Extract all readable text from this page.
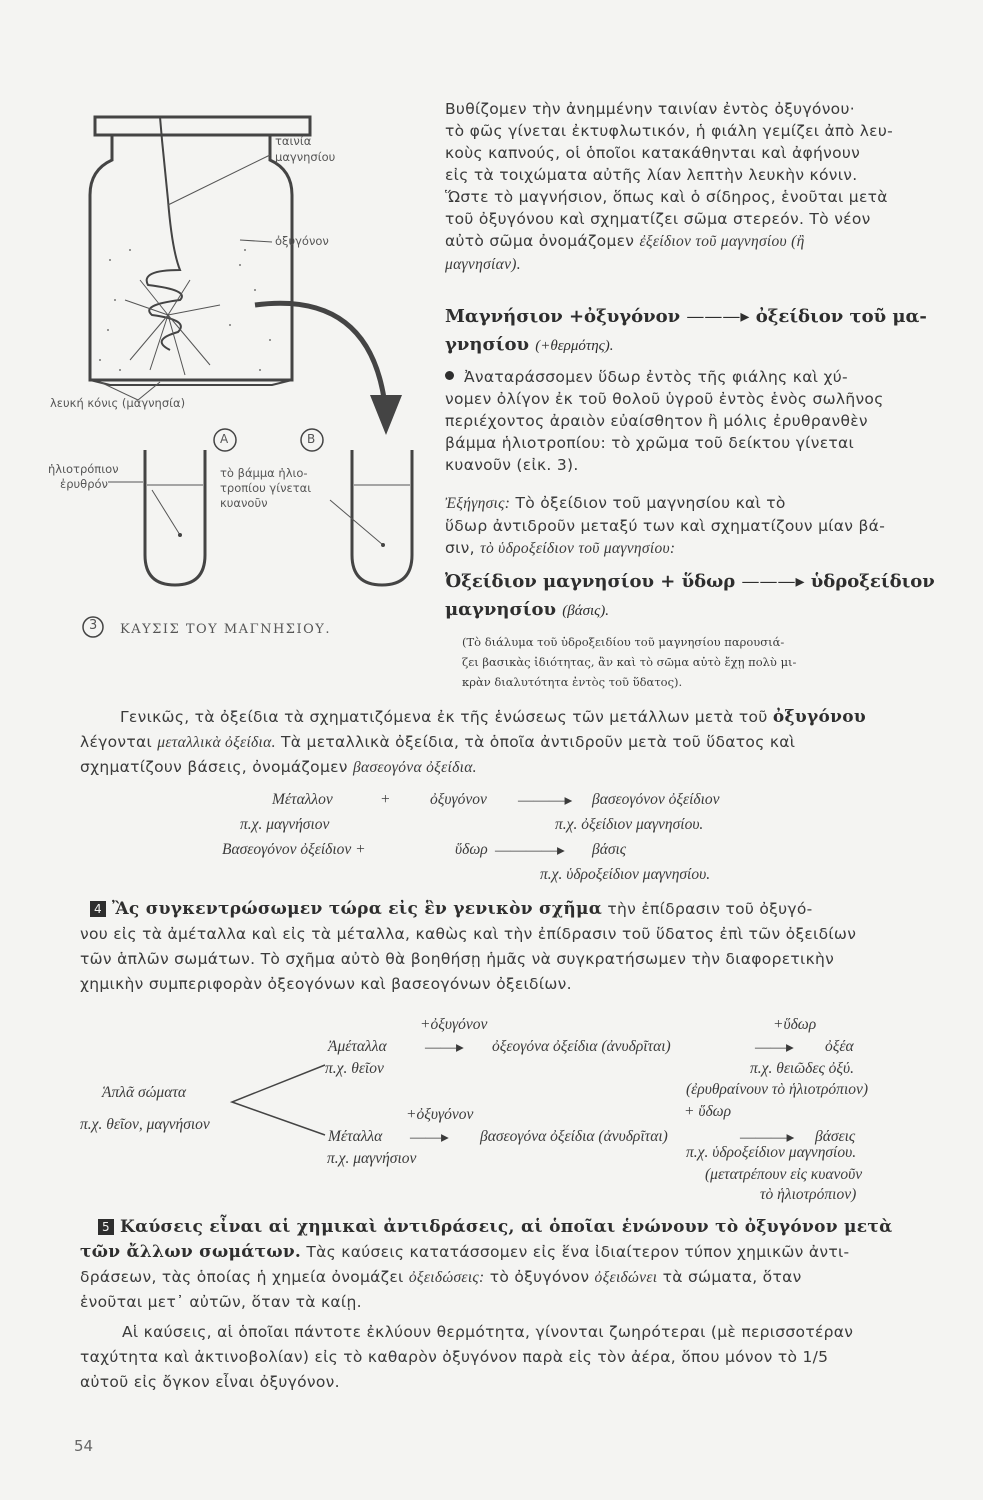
ταινία
μαγνησίου
ὀξυγόνον
λευκή κόνις (μαγνησία)
ἡλιοτρόπιον
ἐρυθρόν
τὸ βάμμα ἡλιο-
τροπίου γίνεται
κυανοῦν
A	B
3 ΚΑΥΣΙΣ ΤΟΥ ΜΑΓΝΗΣΙΟΥ.

Βυθίζομεν τὴν ἀνημμένην ταινίαν ἐντὸς ὀξυγόνου·
τὸ φῶς γίνεται ἐκτυφλωτικόν, ἡ φιάλη γεμίζει ἀπὸ λευ-
κοὺς καπνούς, οἱ ὁποῖοι κατακάθηνται καὶ ἀφήνουν
εἰς τὰ τοιχώματα αὐτῆς λίαν λεπτὴν λευκὴν κόνιν.
Ὥστε τὸ μαγνήσιον, ὅπως καὶ ὁ σίδηρος, ἑνοῦται μετὰ
τοῦ ὀξυγόνου καὶ σχηματίζει σῶμα στερεόν. Τὸ νέον
αὐτὸ σῶμα ὀνομάζομεν ἐξείδιον τοῦ μαγνησίου (ἢ
μαγνησίαν).

Μαγνήσιον +ὀξυγόνον ———▸ ὀξείδιον τοῦ μα-
γνησίου (+θερμότης).

Ἀναταράσσομεν ὕδωρ ἐντὸς τῆς φιάλης καὶ χύ-
νομεν ὀλίγον ἐκ τοῦ θολοῦ ὑγροῦ ἐντὸς ἑνὸς σωλῆνος
περιέχοντος ἀραιὸν εὐαίσθητον ἢ μόλις ἐρυθρανθὲν
βάμμα ἡλιοτροπίου: τὸ χρῶμα τοῦ δείκτου γίνεται
κυανοῦν (εἰκ. 3).

Ἐξήγησις: Τὸ ὀξείδιον τοῦ μαγνησίου καὶ τὸ
ὕδωρ ἀντιδροῦν μεταξύ των καὶ σχηματίζουν μίαν βά-
σιν, τὸ ὑδροξείδιον τοῦ μαγνησίου:

Ὀξείδιον μαγνησίου + ὕδωρ ———▸ ὑδροξείδιον
μαγνησίου (βάσις).

(Τὸ διάλυμα τοῦ ὑδροξειδίου τοῦ μαγνησίου παρουσιά-
ζει βασικὰς ἰδιότητας, ἂν καὶ τὸ σῶμα αὐτὸ ἔχῃ πολὺ μι-
κρὰν διαλυτότητα ἐντὸς τοῦ ὕδατος).

Γενικῶς, τὰ ὀξείδια τὰ σχηματιζόμενα ἐκ τῆς ἑνώσεως τῶν μετάλλων μετὰ τοῦ ὀξυγόνου
λέγονται μεταλλικὰ ὀξείδια. Τὰ μεταλλικὰ ὀξείδια, τὰ ὁποῖα ἀντιδροῦν μετὰ τοῦ ὕδατος καὶ
σχηματίζουν βάσεις, ὀνομάζομεν βασεογόνα ὀξείδια.

Μέταλλον	+	ὀξυγόνον ———▸ βασεογόνον ὀξείδιον
π.χ. μαγνήσιον	π.χ. ὀξείδιον μαγνησίου.
Βασεογόνον ὀξείδιον +	ὕδωρ ————▸ βάσις
π.χ. ὑδροξείδιον μαγνησίου.

4 Ἂς συγκεντρώσωμεν τώρα εἰς ἓν γενικὸν σχῆμα τὴν ἐπίδρασιν τοῦ ὀξυγό-
νου εἰς τὰ ἀμέταλλα καὶ εἰς τὰ μέταλλα, καθὼς καὶ τὴν ἐπίδρασιν τοῦ ὕδατος ἐπὶ τῶν ὀξειδίων
τῶν ἁπλῶν σωμάτων. Τὸ σχῆμα αὐτὸ θὰ βοηθήσῃ ἡμᾶς νὰ συγκρατήσωμεν τὴν διαφορετικὴν
χημικὴν συμπεριφορὰν ὀξεογόνων καὶ βασεογόνων ὀξειδίων.

+ὀξυγόνον	+ὕδωρ
Ἀμέταλλα ——▸ ὀξεογόνα ὀξείδια (ἀνυδρῖται)	——▸ ὀξέα
π.χ. θεῖον	π.χ. θειῶδες ὀξύ.
(ἐρυθραίνουν τὸ ἡλιοτρόπιον)
Ἁπλᾶ σώματα
π.χ. θεῖον, μαγνήσιον
+ὀξυγόνον	+ ὕδωρ
Μέταλλα ——▸ βασεογόνα ὀξείδια (ἀνυδρῖται)	———▸ βάσεις
π.χ. μαγνήσιον	π.χ. ὑδροξείδιον μαγνησίου.
(μετατρέπουν εἰς κυανοῦν
τὸ ἡλιοτρόπιον)

5 Καύσεις εἶναι αἱ χημικαὶ ἀντιδράσεις, αἱ ὁποῖαι ἑνώνουν τὸ ὀξυγόνον μετὰ
τῶν ἄλλων σωμάτων. Τὰς καύσεις κατατάσσομεν εἰς ἕνα ἰδιαίτερον τύπον χημικῶν ἀντι-
δράσεων, τὰς ὁποίας ἡ χημεία ὀνομάζει ὀξειδώσεις: τὸ ὀξυγόνον ὀξειδώνει τὰ σώματα, ὅταν
ἑνοῦται μετ᾽ αὐτῶν, ὅταν τὰ καίῃ.

Αἱ καύσεις, αἱ ὁποῖαι πάντοτε ἐκλύουν θερμότητα, γίνονται ζωηρότεραι (μὲ περισσοτέραν
ταχύτητα καὶ ἀκτινοβολίαν) εἰς τὸ καθαρὸν ὀξυγόνον παρὰ εἰς τὸν ἀέρα, ὅπου μόνον τὸ 1/5
αὐτοῦ εἰς ὄγκον εἶναι ὀξυγόνον.

54
